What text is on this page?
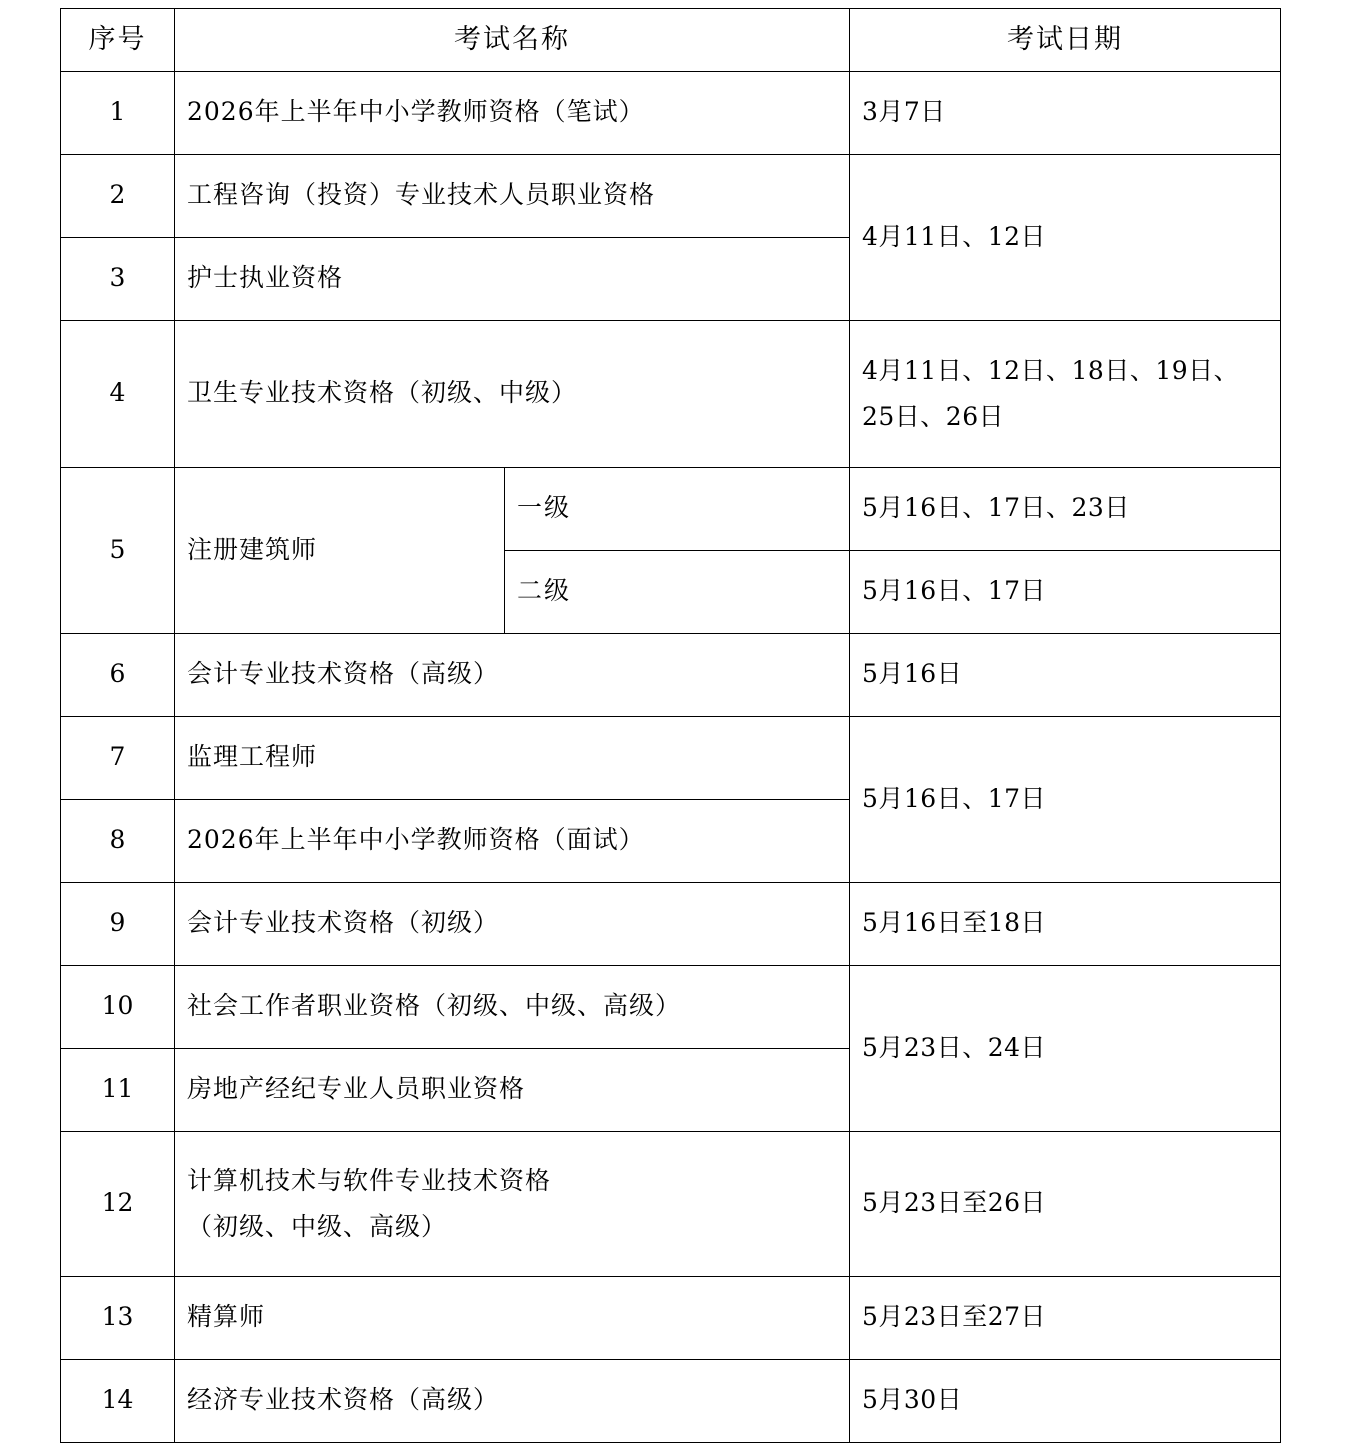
序号	考试名称		考试日期
1	2026年上半年中小学教师资格（笔试）		3月7日
2	工程咨询（投资）专业技术人员职业资格		4月11日、12日
3	护士执业资格		
4	卫生专业技术资格（初级、中级）		4月11日、12日、18日、19日、25日、26日
5	注册建筑师	一级	5月16日、17日、23日
		二级	5月16日、17日
6	会计专业技术资格（高级）		5月16日
7	监理工程师		5月16日、17日
8	2026年上半年中小学教师资格（面试）		
9	会计专业技术资格（初级）		5月16日至18日
10	社会工作者职业资格（初级、中级、高级）		5月23日、24日
11	房地产经纪专业人员职业资格		
12	计算机技术与软件专业技术资格
（初级、中级、高级）		5月23日至26日
13	精算师		5月23日至27日
14	经济专业技术资格（高级）		5月30日
